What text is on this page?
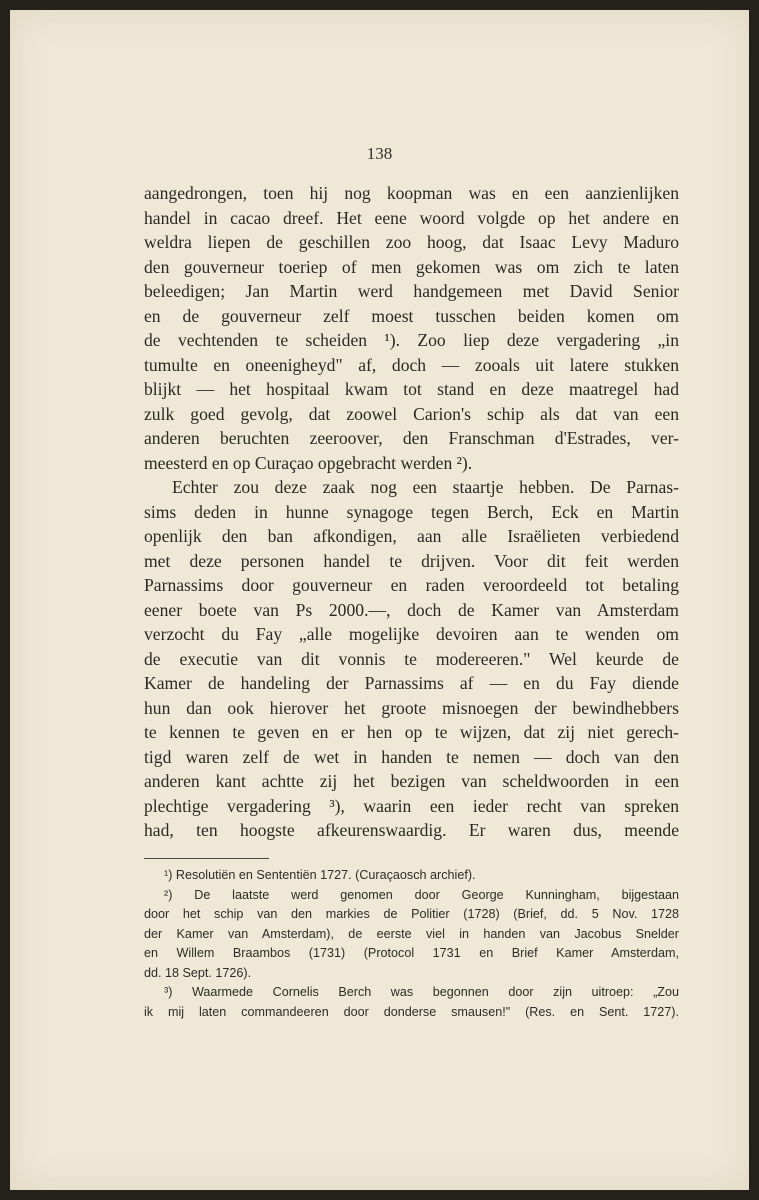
138
aangedrongen, toen hij nog koopman was en een aanzienlijken
handel in cacao dreef. Het eene woord volgde op het andere en
weldra liepen de geschillen zoo hoog, dat Isaac Levy Maduro
den gouverneur toeriep of men gekomen was om zich te laten
beleedigen; Jan Martin werd handgemeen met David Senior
en de gouverneur zelf moest tusschen beiden komen om
de vechtenden te scheiden ¹). Zoo liep deze vergadering „in
tumulte en oneenigheyd" af, doch — zooals uit latere stukken
blijkt — het hospitaal kwam tot stand en deze maatregel had
zulk goed gevolg, dat zoowel Carion's schip als dat van een
anderen beruchten zeeroover, den Franschman d'Estrades, ver-
meesterd en op Curaçao opgebracht werden ²).
Echter zou deze zaak nog een staartje hebben. De Parnas-
sims deden in hunne synagoge tegen Berch, Eck en Martin
openlijk den ban afkondigen, aan alle Israëlieten verbiedend
met deze personen handel te drijven. Voor dit feit werden
Parnassims door gouverneur en raden veroordeeld tot betaling
eener boete van Ps 2000.—, doch de Kamer van Amsterdam
verzocht du Fay „alle mogelijke devoiren aan te wenden om
de executie van dit vonnis te modereeren." Wel keurde de
Kamer de handeling der Parnassims af — en du Fay diende
hun dan ook hierover het groote misnoegen der bewindhebbers
te kennen te geven en er hen op te wijzen, dat zij niet gerech-
tigd waren zelf de wet in handen te nemen — doch van den
anderen kant achtte zij het bezigen van scheldwoorden in een
plechtige vergadering ³), waarin een ieder recht van spreken
had, ten hoogste afkeurenswaardig. Er waren dus, meende
¹) Resolutiën en Sententiën 1727. (Curaçaosch archief).
²) De laatste werd genomen door George Kunningham, bijgestaan
door het schip van den markies de Politier (1728) (Brief, dd. 5 Nov. 1728
der Kamer van Amsterdam), de eerste viel in handen van Jacobus Snelder
en Willem Braambos (1731) (Protocol 1731 en Brief Kamer Amsterdam,
dd. 18 Sept. 1726).
³) Waarmede Cornelis Berch was begonnen door zijn uitroep: „Zou
ik mij laten commandeeren door donderse smausen!" (Res. en Sent. 1727).
